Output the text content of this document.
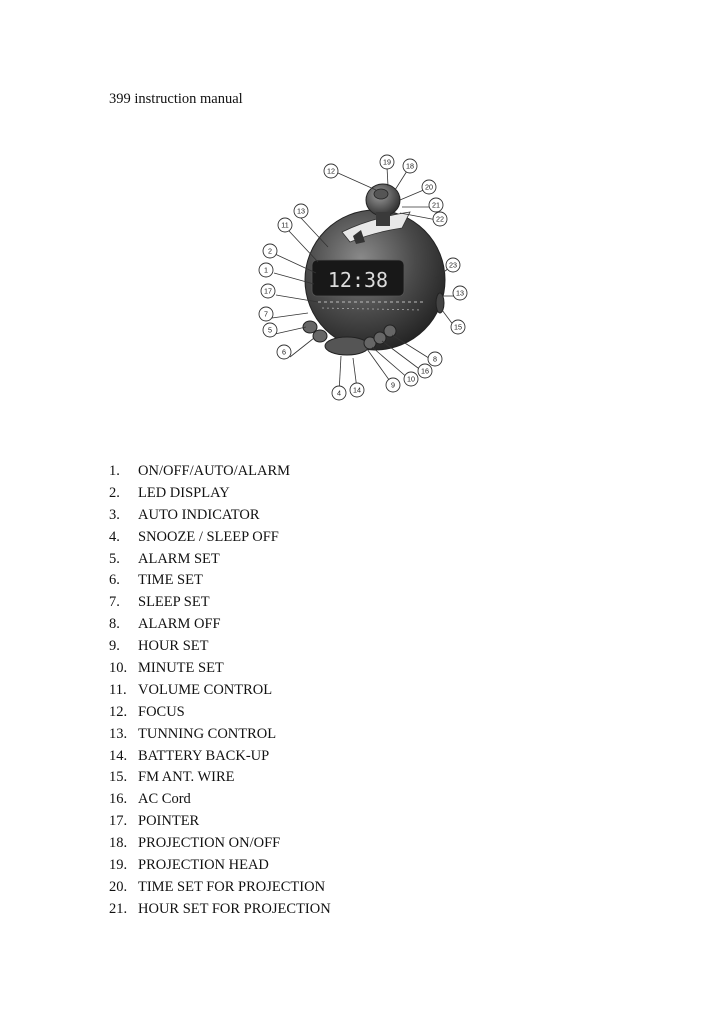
399 instruction manual
12:38
12
19 18
20
21
22
13
11
2
1
17
7
5
6
23
13
15
8
16
10
9
14
4
1.	ON/OFF/AUTO/ALARM
2.	LED DISPLAY
3.	AUTO INDICATOR
4.	SNOOZE / SLEEP OFF
5.	ALARM SET
6.	TIME SET
7.	SLEEP SET
8.	ALARM OFF
9.	HOUR SET
10. MINUTE SET
11. VOLUME CONTROL
12. FOCUS
13. TUNNING CONTROL
14. BATTERY BACK-UP
15. FM ANT. WIRE
16. AC Cord
17. POINTER
18. PROJECTION ON/OFF
19. PROJECTION HEAD
20. TIME SET FOR PROJECTION
21. HOUR SET FOR PROJECTION
